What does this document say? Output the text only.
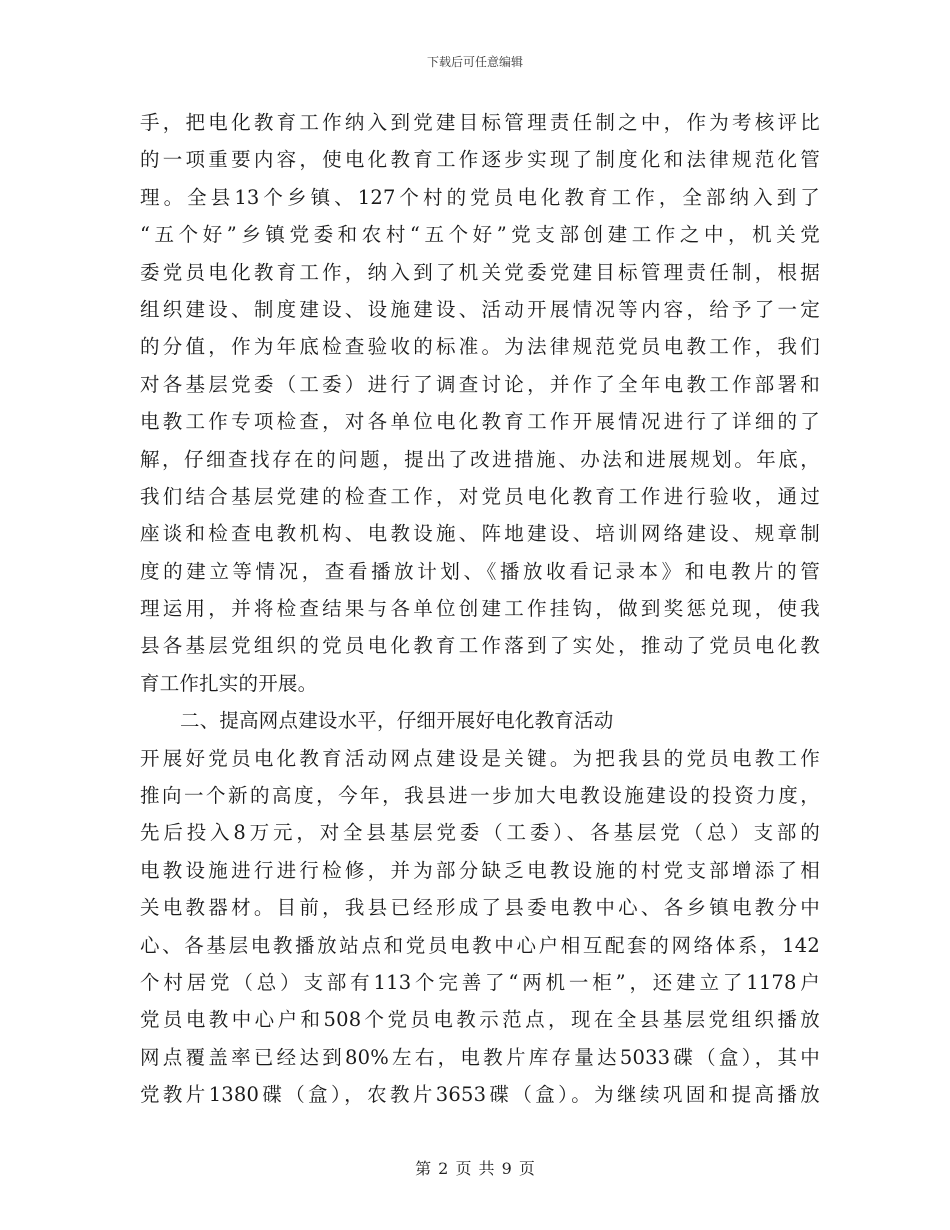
下载后可任意编辑
手，把电化教育工作纳入到党建目标管理责任制之中，作为考核评比
的一项重要内容，使电化教育工作逐步实现了制度化和法律规范化管
理。全县13个乡镇、127个村的党员电化教育工作，全部纳入到了
“五个好”乡镇党委和农村“五个好”党支部创建工作之中，机关党
委党员电化教育工作，纳入到了机关党委党建目标管理责任制，根据
组织建设、制度建设、设施建设、活动开展情况等内容，给予了一定
的分值，作为年底检查验收的标准。为法律规范党员电教工作，我们
对各基层党委（工委）进行了调查讨论，并作了全年电教工作部署和
电教工作专项检查，对各单位电化教育工作开展情况进行了详细的了
解，仔细查找存在的问题，提出了改进措施、办法和进展规划。年底，
我们结合基层党建的检查工作，对党员电化教育工作进行验收，通过
座谈和检查电教机构、电教设施、阵地建设、培训网络建设、规章制
度的建立等情况，查看播放计划、《播放收看记录本》和电教片的管
理运用，并将检查结果与各单位创建工作挂钩，做到奖惩兑现，使我
县各基层党组织的党员电化教育工作落到了实处，推动了党员电化教
育工作扎实的开展。
二、提高网点建设水平，仔细开展好电化教育活动
开展好党员电化教育活动网点建设是关键。为把我县的党员电教工作
推向一个新的高度，今年，我县进一步加大电教设施建设的投资力度，
先后投入8万元，对全县基层党委（工委）、各基层党（总）支部的
电教设施进行进行检修，并为部分缺乏电教设施的村党支部增添了相
关电教器材。目前，我县已经形成了县委电教中心、各乡镇电教分中
心、各基层电教播放站点和党员电教中心户相互配套的网络体系，142
个村居党（总）支部有113个完善了“两机一柜”，还建立了1178户
党员电教中心户和508个党员电教示范点，现在全县基层党组织播放
网点覆盖率已经达到80%左右，电教片库存量达5033碟（盒），其中
党教片1380碟（盒），农教片3653碟（盒）。为继续巩固和提高播放
第 2 页 共 9 页
